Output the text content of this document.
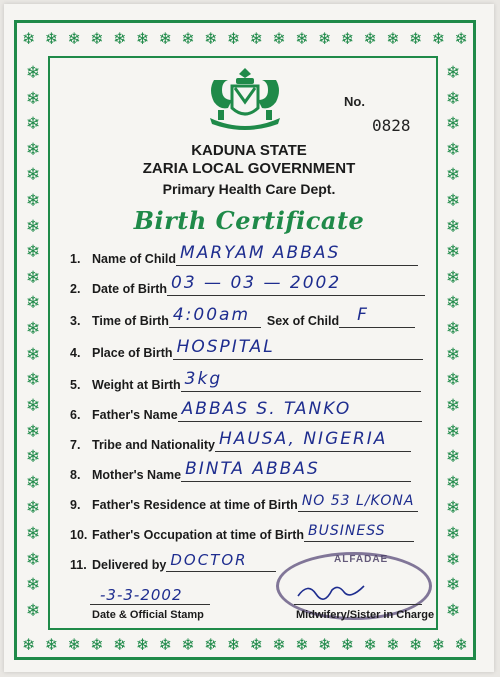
❄ ❄ ❄ ❄ ❄ ❄ ❄ ❄ ❄ ❄ ❄ ❄ ❄ ❄ ❄ ❄ ❄ ❄ ❄ ❄
❄ ❄ ❄ ❄ ❄ ❄ ❄ ❄ ❄ ❄ ❄ ❄ ❄ ❄ ❄ ❄ ❄ ❄ ❄ ❄
❄
❄
❄
❄
❄
❄
❄
❄
❄
❄
❄
❄
❄
❄
❄
❄
❄
❄
❄
❄
❄
❄
❄
❄
❄
❄
❄
❄
❄
❄
❄
❄
❄
❄
❄
❄
❄
❄
❄
❄
❄
❄
❄
❄
No.
0828
KADUNA STATE
ZARIA LOCAL GOVERNMENT
Primary Health Care Dept.
Birth Certificate
1. Name of Child MARYAM ABBAS
2. Date of Birth 03 — 03 — 2002
3. Time of Birth 4:00am Sex of Child F
4. Place of Birth HOSPITAL
5. Weight at Birth 3kg
6. Father's Name ABBAS S. TANKO
7. Tribe and Nationality HAUSA, NIGERIA
8. Mother's Name BINTA ABBAS
9. Father's Residence at time of Birth NO 53 L/KONA
10. Father's Occupation at time of Birth BUSINESS
11. Delivered by DOCTOR	ALFADAE
-3-3-2002
Date & Official Stamp	Midwifery/Sister in Charge
